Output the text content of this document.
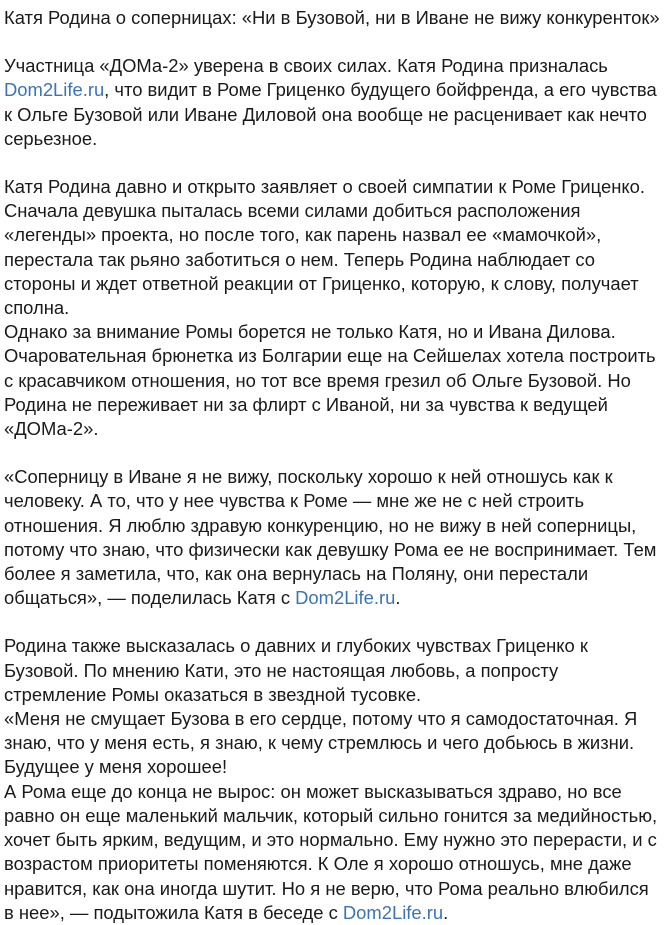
Катя Родина о соперницах: «Ни в Бузовой, ни в Иване не вижу конкуренток»

Участница «ДОМа-2» уверена в своих силах. Катя Родина призналась Dom2Life.ru, что видит в Роме Гриценко будущего бойфренда, а его чувства к Ольге Бузовой или Иване Диловой она вообще не расценивает как нечто серьезное.

Катя Родина давно и открыто заявляет о своей симпатии к Роме Гриценко. Сначала девушка пыталась всеми силами добиться расположения «легенды» проекта, но после того, как парень назвал ее «мамочкой», перестала так рьяно заботиться о нем. Теперь Родина наблюдает со стороны и ждет ответной реакции от Гриценко, которую, к слову, получает сполна.

Однако за внимание Ромы борется не только Катя, но и Ивана Дилова. Очаровательная брюнетка из Болгарии еще на Сейшелах хотела построить с красавчиком отношения, но тот все время грезил об Ольге Бузовой. Но Родина не переживает ни за флирт с Иваной, ни за чувства к ведущей «ДОМа-2».

«Соперницу в Иване я не вижу, поскольку хорошо к ней отношусь как к человеку. А то, что у нее чувства к Роме — мне же не с ней строить отношения. Я люблю здравую конкуренцию, но не вижу в ней соперницы, потому что знаю, что физически как девушку Рома ее не воспринимает. Тем более я заметила, что, как она вернулась на Поляну, они перестали общаться», — поделилась Катя с Dom2Life.ru.

Родина также высказалась о давних и глубоких чувствах Гриценко к Бузовой. По мнению Кати, это не настоящая любовь, а попросту стремление Ромы оказаться в звездной тусовке.

«Меня не смущает Бузова в его сердце, потому что я самодостаточная. Я знаю, что у меня есть, я знаю, к чему стремлюсь и чего добьюсь в жизни. Будущее у меня хорошее!

А Рома еще до конца не вырос: он может высказываться здраво, но все равно он еще маленький мальчик, который сильно гонится за медийностью, хочет быть ярким, ведущим, и это нормально. Ему нужно это перерасти, и с возрастом приоритеты поменяются. К Оле я хорошо отношусь, мне даже нравится, как она иногда шутит. Но я не верю, что Рома реально влюбился в нее», — подытожила Катя в беседе с Dom2Life.ru.
